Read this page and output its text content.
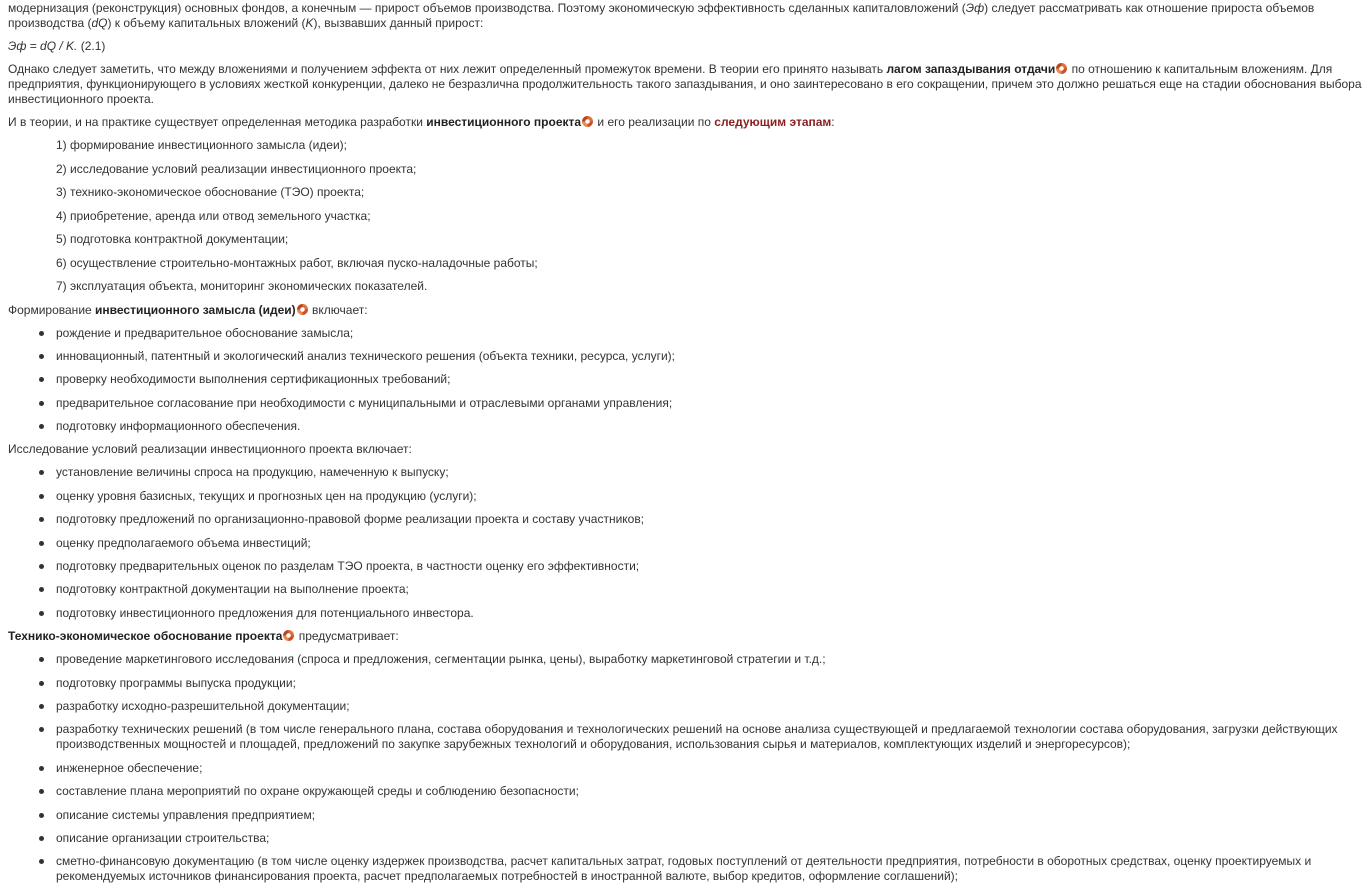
модернизация (реконструкция) основных фондов, а конечным — прирост объемов производства. Поэтому экономическую эффективность сделанных капиталовложений (Эф) следует рассматривать как отношение прироста объемов производства (dQ) к объему капитальных вложений (K), вызвавших данный прирост:

Эф = dQ / K. (2.1)

Однако следует заметить, что между вложениями и получением эффекта от них лежит определенный промежуток времени. В теории его принято называть лагом запаздывания отдачи по отношению к капитальным вложениям. Для предприятия, функционирующего в условиях жесткой конкуренции, далеко не безразлична продолжительность такого запаздывания, и оно заинтересовано в его сокращении, причем это должно решаться еще на стадии обоснования выбора инвестиционного проекта.

И в теории, и на практике существует определенная методика разработки инвестиционного проекта и его реализации по следующим этапам:

1) формирование инвестиционного замысла (идеи);
2) исследование условий реализации инвестиционного проекта;
3) технико-экономическое обоснование (ТЭО) проекта;
4) приобретение, аренда или отвод земельного участка;
5) подготовка контрактной документации;
6) осуществление строительно-монтажных работ, включая пуско-наладочные работы;
7) эксплуатация объекта, мониторинг экономических показателей.

Формирование инвестиционного замысла (идеи) включает:

рождение и предварительное обоснование замысла;
инновационный, патентный и экологический анализ технического решения (объекта техники, ресурса, услуги);
проверку необходимости выполнения сертификационных требований;
предварительное согласование при необходимости с муниципальными и отраслевыми органами управления;
подготовку информационного обеспечения.

Исследование условий реализации инвестиционного проекта включает:

установление величины спроса на продукцию, намеченную к выпуску;
оценку уровня базисных, текущих и прогнозных цен на продукцию (услуги);
подготовку предложений по организационно-правовой форме реализации проекта и составу участников;
оценку предполагаемого объема инвестиций;
подготовку предварительных оценок по разделам ТЭО проекта, в частности оценку его эффективности;
подготовку контрактной документации на выполнение проекта;
подготовку инвестиционного предложения для потенциального инвестора.

Технико-экономическое обоснование проекта предусматривает:

проведение маркетингового исследования (спроса и предложения, сегментации рынка, цены), выработку маркетинговой стратегии и т.д.;
подготовку программы выпуска продукции;
разработку исходно-разрешительной документации;
разработку технических решений (в том числе генерального плана, состава оборудования и технологических решений на основе анализа существующей и предлагаемой технологии состава оборудования, загрузки действующих производственных мощностей и площадей, предложений по закупке зарубежных технологий и оборудования, использования сырья и материалов, комплектующих изделий и энергоресурсов);
инженерное обеспечение;
составление плана мероприятий по охране окружающей среды и соблюдению безопасности;
описание системы управления предприятием;
описание организации строительства;
сметно-финансовую документацию (в том числе оценку издержек производства, расчет капитальных затрат, годовых поступлений от деятельности предприятия, потребности в оборотных средствах, оценку проектируемых и рекомендуемых источников финансирования проекта, расчет предполагаемых потребностей в иностранной валюте, выбор кредитов, оформление соглашений);
